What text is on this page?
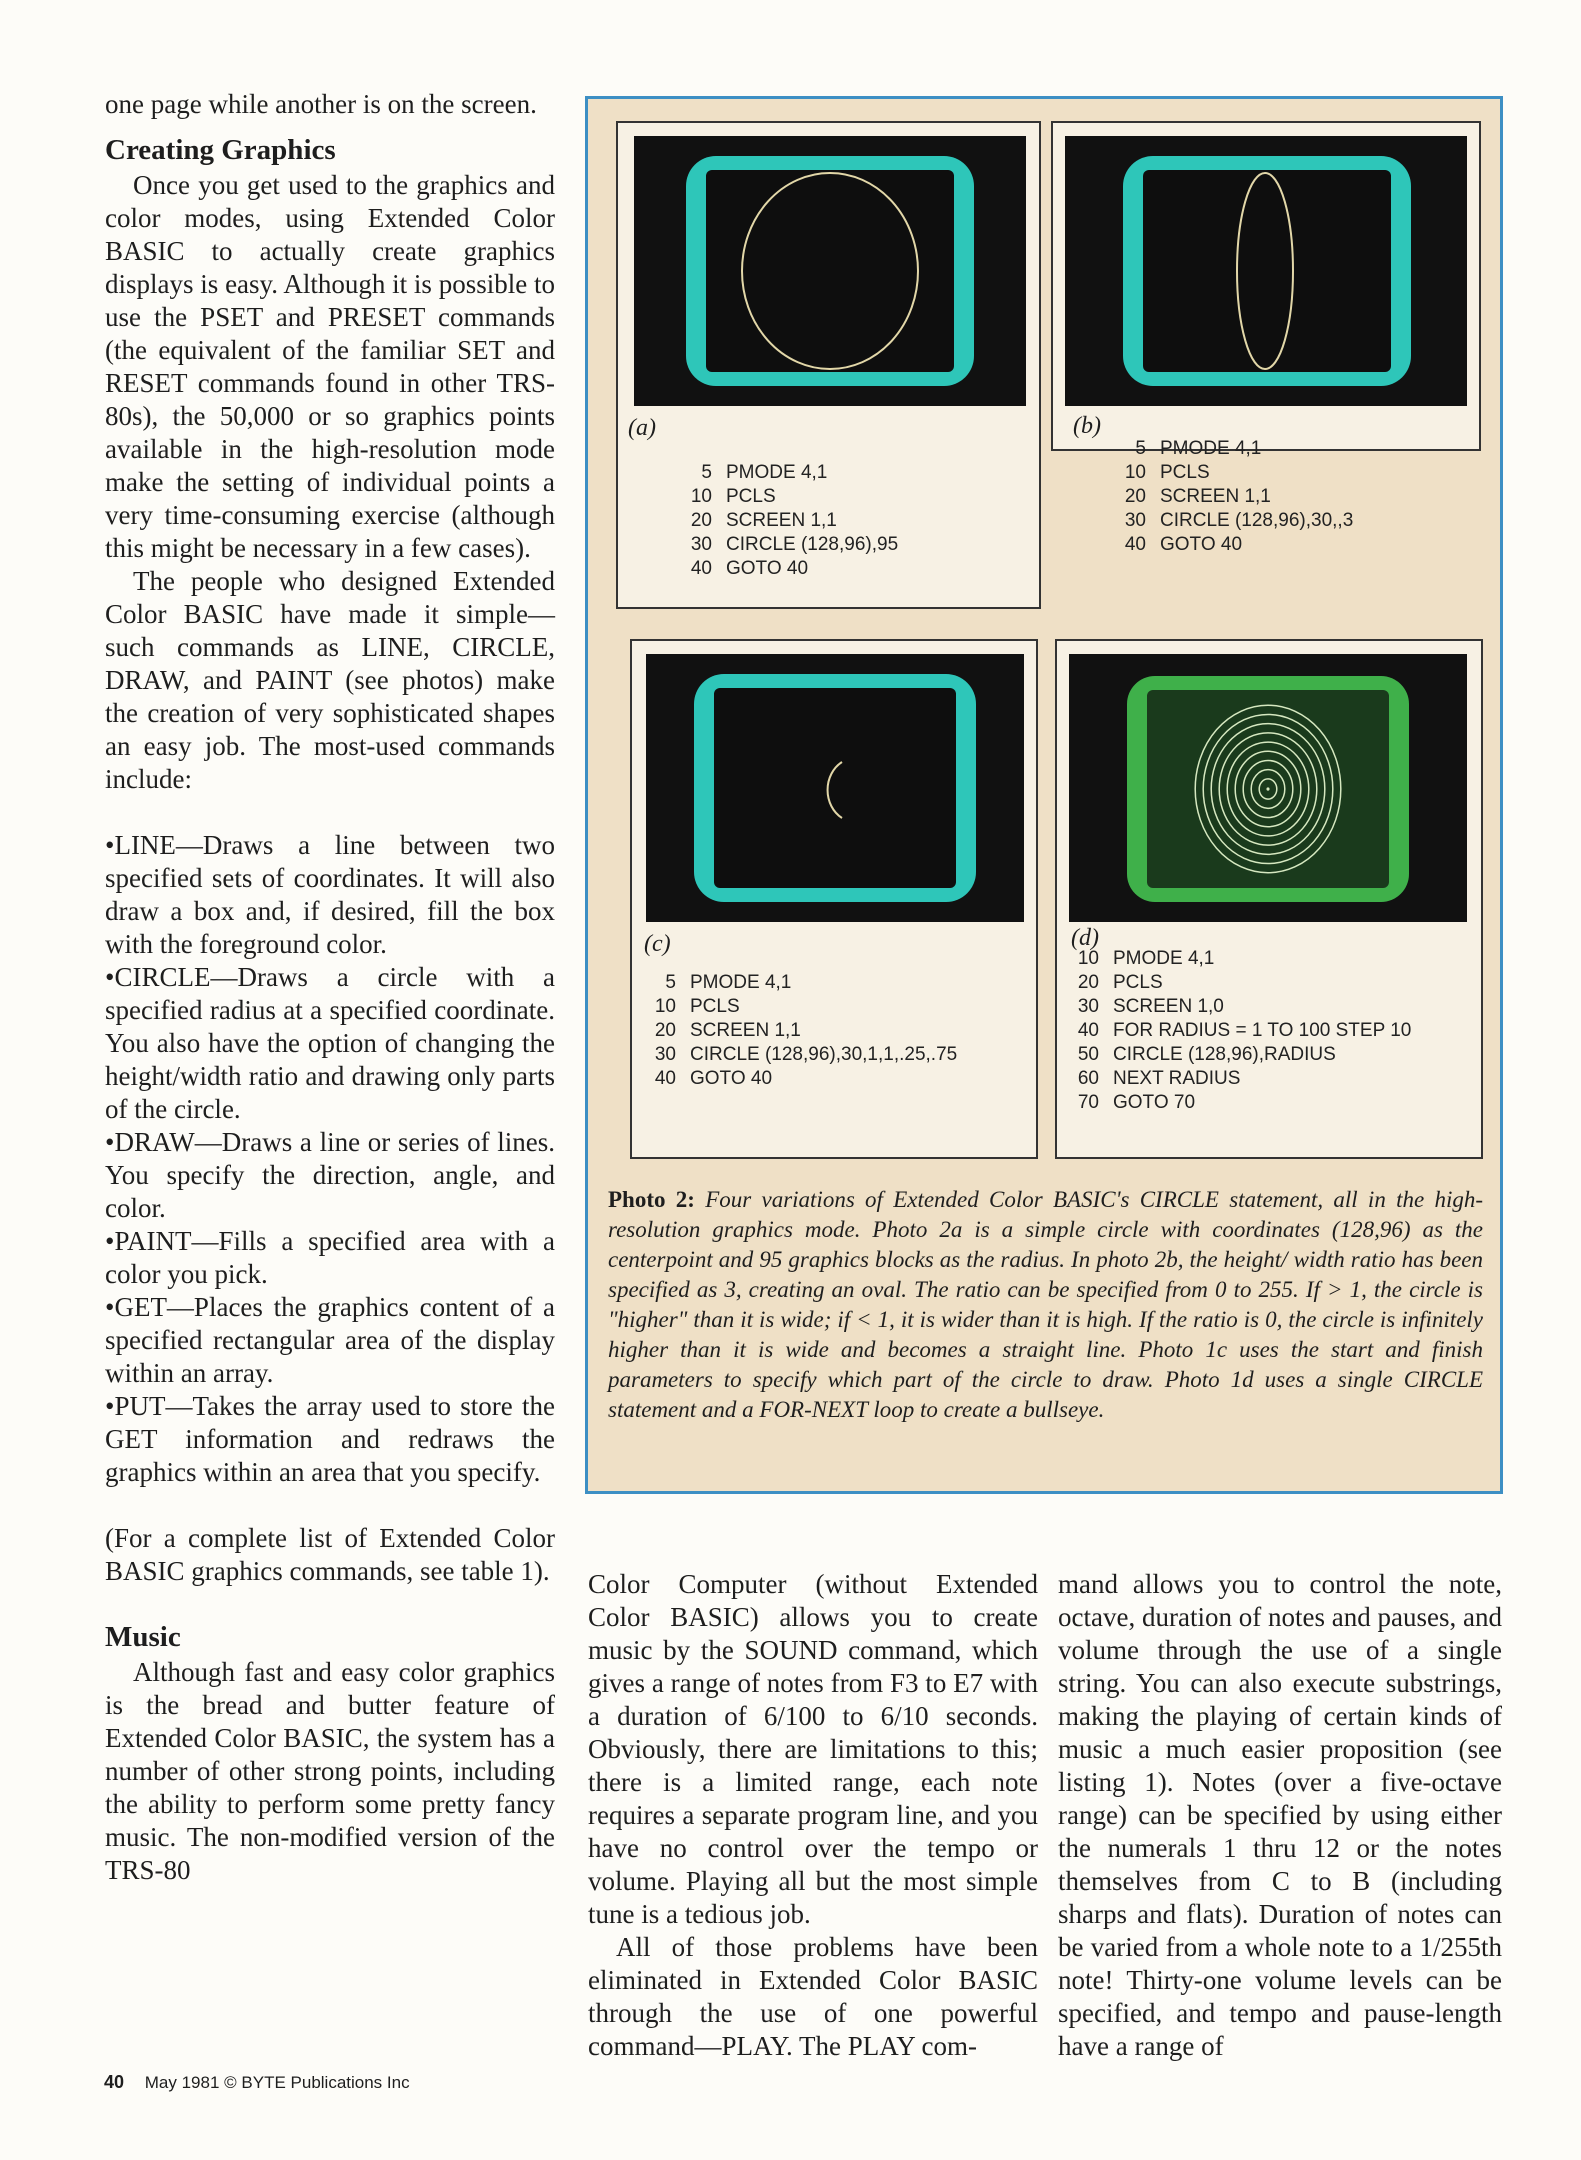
one page while another is on the screen.

Creating Graphics

Once you get used to the graphics and color modes, using Extended Color BASIC to actually create graphics displays is easy. Although it is possible to use the PSET and PRESET commands (the equivalent of the familiar SET and RESET commands found in other TRS-80s), the 50,000 or so graphics points available in the high-resolution mode make the setting of individual points a very time-consuming exercise (although this might be necessary in a few cases).

The people who designed Extended Color BASIC have made it simple— such commands as LINE, CIRCLE, DRAW, and PAINT (see photos) make the creation of very sophisticated shapes an easy job. The most-used commands include:

•LINE—Draws a line between two specified sets of coordinates. It will also draw a box and, if desired, fill the box with the foreground color.

•CIRCLE—Draws a circle with a specified radius at a specified coordinate. You also have the option of changing the height/width ratio and drawing only parts of the circle.

•DRAW—Draws a line or series of lines. You specify the direction, angle, and color.

•PAINT—Fills a specified area with a color you pick.

•GET—Places the graphics content of a specified rectangular area of the display within an array.

•PUT—Takes the array used to store the GET information and redraws the graphics within an area that you specify.

(For a complete list of Extended Color BASIC graphics commands, see table 1).

Music

Although fast and easy color graphics is the bread and butter feature of Extended Color BASIC, the system has a number of other strong points, including the ability to perform some pretty fancy music. The non-modified version of the TRS-80

(a)
5 PMODE 4,1
10 PCLS
20 SCREEN 1,1
30 CIRCLE (128,96),95
40 GOTO 40
(b)
5 PMODE 4,1
10 PCLS
20 SCREEN 1,1
30 CIRCLE (128,96),30,,3
40 GOTO 40
(c)
5 PMODE 4,1
10 PCLS
20 SCREEN 1,1
30 CIRCLE (128,96),30,1,1,.25,.75
40 GOTO 40
(d)
10 PMODE 4,1
20 PCLS
30 SCREEN 1,0
40 FOR RADIUS = 1 TO 100 STEP 10
50 CIRCLE (128,96),RADIUS
60 NEXT RADIUS
70 GOTO 70
Photo 2: Four variations of Extended Color BASIC's CIRCLE statement, all in the high-resolution graphics mode. Photo 2a is a simple circle with coordinates (128,96) as the centerpoint and 95 graphics blocks as the radius. In photo 2b, the height/ width ratio has been specified as 3, creating an oval. The ratio can be specified from 0 to 255. If > 1, the circle is "higher" than it is wide; if < 1, it is wider than it is high. If the ratio is 0, the circle is infinitely higher than it is wide and becomes a straight line. Photo 1c uses the start and finish parameters to specify which part of the circle to draw. Photo 1d uses a single CIRCLE statement and a FOR-NEXT loop to create a bullseye.

Color Computer (without Extended Color BASIC) allows you to create music by the SOUND command, which gives a range of notes from F3 to E7 with a duration of 6/100 to 6/10 seconds. Obviously, there are limitations to this; there is a limited range, each note requires a separate program line, and you have no control over the tempo or volume. Playing all but the most simple tune is a tedious job.

All of those problems have been eliminated in Extended Color BASIC through the use of one powerful command—PLAY. The PLAY com-

mand allows you to control the note, octave, duration of notes and pauses, and volume through the use of a single string. You can also execute substrings, making the playing of certain kinds of music a much easier proposition (see listing 1). Notes (over a five-octave range) can be specified by using either the numerals 1 thru 12 or the notes themselves from C to B (including sharps and flats). Duration of notes can be varied from a whole note to a 1/255th note! Thirty-one volume levels can be specified, and tempo and pause-length have a range of

40 May 1981 © BYTE Publications Inc
